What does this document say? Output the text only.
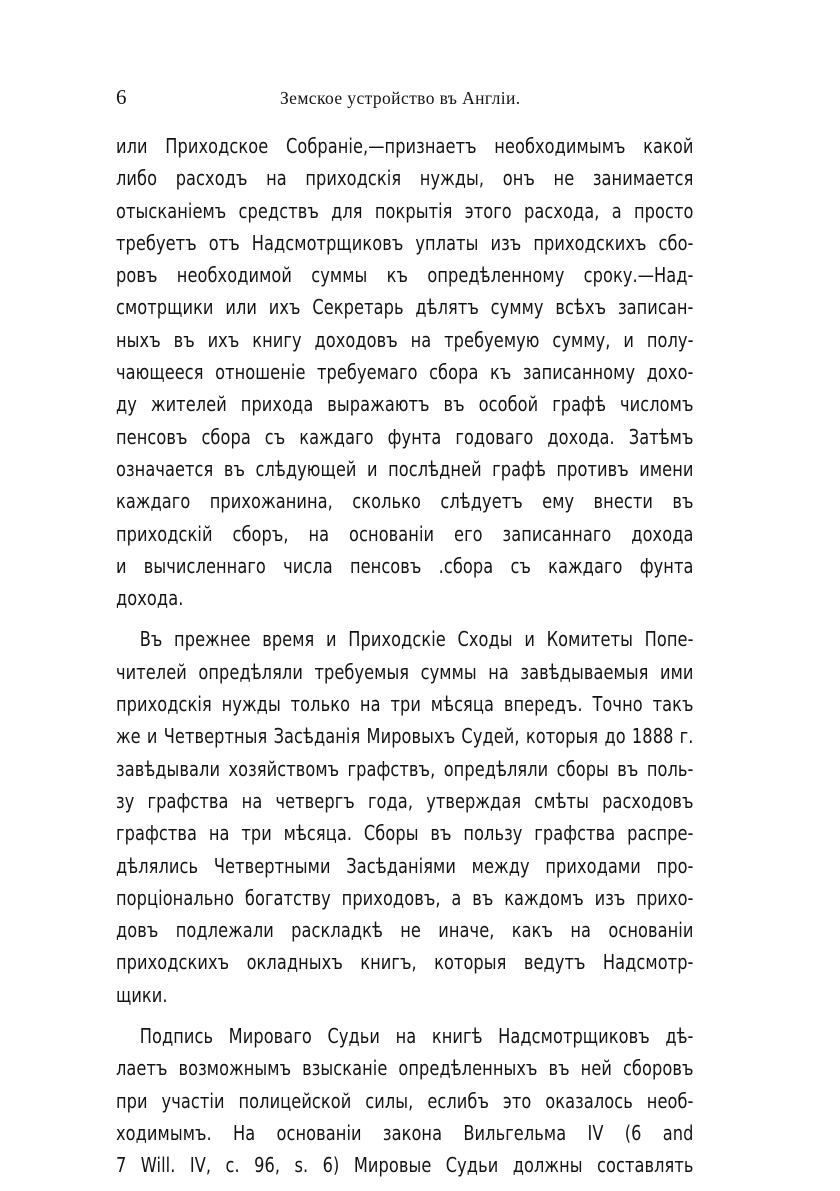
6	Земское устройство въ Англiи.

или Приходское Собранiе,—признаетъ необходимымъ какой
либо расходъ на приходскiя нужды, онъ не занимается
отысканiемъ средствъ для покрытiя этого расхода, а просто
требуетъ отъ Надсмотрщиковъ уплаты изъ приходскихъ сбо-
ровъ необходимой суммы къ опредѣленному сроку.—Над-
смотрщики или ихъ Секретарь дѣлятъ сумму всѣхъ записан-
ныхъ въ ихъ книгу доходовъ на требуемую сумму, и полу-
чающееся отношенiе требуемаго сбора къ записанному дохо-
ду жителей прихода выражаютъ въ особой графѣ числомъ
пенсовъ сбора съ каждаго фунта годоваго дохода. Затѣмъ
означается въ слѣдующей и послѣдней графѣ противъ имени
каждаго прихожанина, сколько слѣдуетъ ему внести въ
приходскiй сборъ, на основанiи его записаннаго дохода
и вычисленнаго числа пенсовъ .сбора съ каждаго фунта
дохода.

Въ прежнее время и Приходскiе Сходы и Комитеты Попе-
чителей опредѣляли требуемыя суммы на завѣдываемыя ими
приходскiя нужды только на три мѣсяца впередъ. Точно такъ
же и Четвертныя Засѣданiя Мировыхъ Судей, которыя до 1888 г.
завѣдывали хозяйствомъ графствъ, опредѣляли сборы въ поль-
зу графства на четвергъ года, утверждая смѣты расходовъ
графства на три мѣсяца. Сборы въ пользу графства распре-
дѣлялись Четвертными Засѣданiями между приходами про-
порцiонально богатству приходовъ, а въ каждомъ изъ прихо-
довъ подлежали раскладкѣ не иначе, какъ на основанiи
приходскихъ окладныхъ книгъ, которыя ведутъ Надсмотр-
щики.

Подпись Мироваго Судьи на книгѣ Надсмотрщиковъ дѣ-
лаетъ возможнымъ взысканiе опредѣленныхъ въ ней сборовъ
при участiи полицейской силы, еслибъ это оказалось необ-
ходимымъ. На основанiи закона Вильгельма IV (6 and
7 Will. IV, c. 96, s. 6) Мировые Судьи должны составлять
